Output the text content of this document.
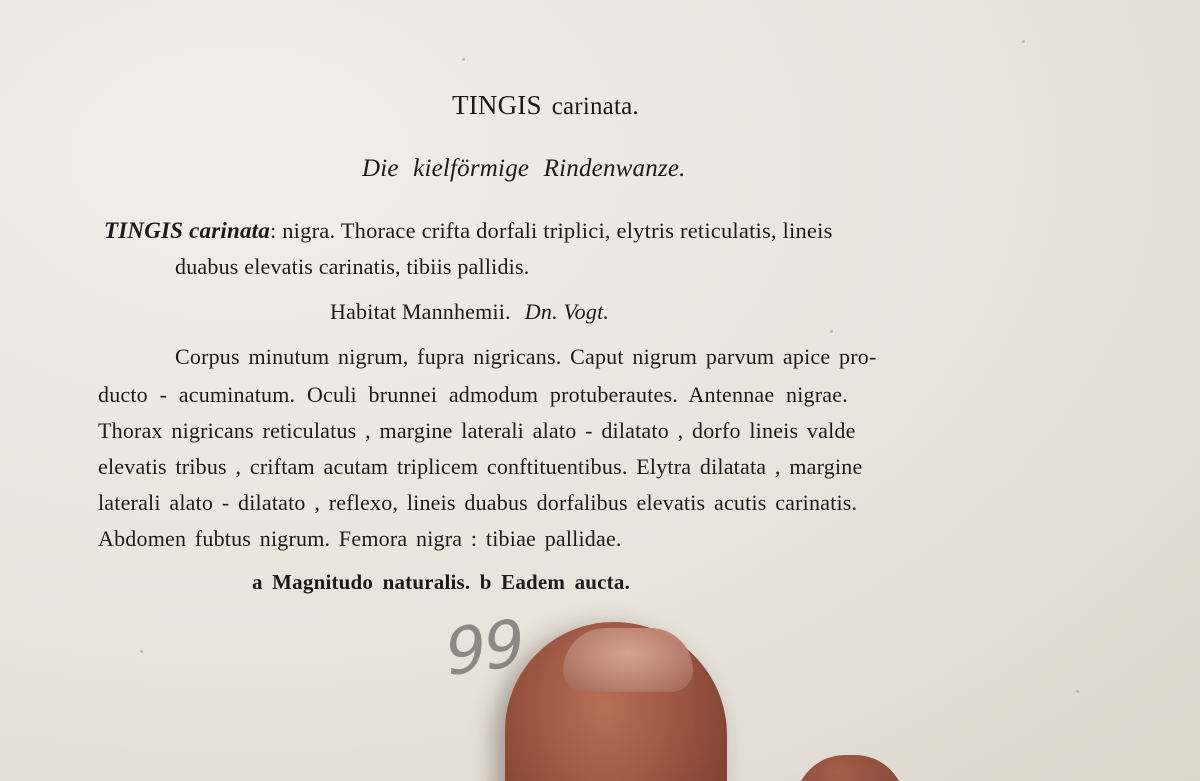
TINGIS carinata.
Die kielförmige Rindenwanze.
TINGIS carinata: nigra. Thorace crifta dorfali triplici, elytris reticulatis, lineis
duabus elevatis carinatis, tibiis pallidis.
Habitat Mannhemii. Dn. Vogt.
Corpus minutum nigrum, fupra nigricans. Caput nigrum parvum apice pro-
ducto - acuminatum. Oculi brunnei admodum protuberautes. Antennae nigrae.
Thorax nigricans reticulatus , margine laterali alato - dilatato , dorfo lineis valde
elevatis tribus , criftam acutam triplicem conftituentibus. Elytra dilatata , margine
laterali alato - dilatato , reflexo, lineis duabus dorfalibus elevatis acutis carinatis.
Abdomen fubtus nigrum. Femora nigra : tibiae pallidae.
a Magnitudo naturalis. b Eadem aucta.
99
